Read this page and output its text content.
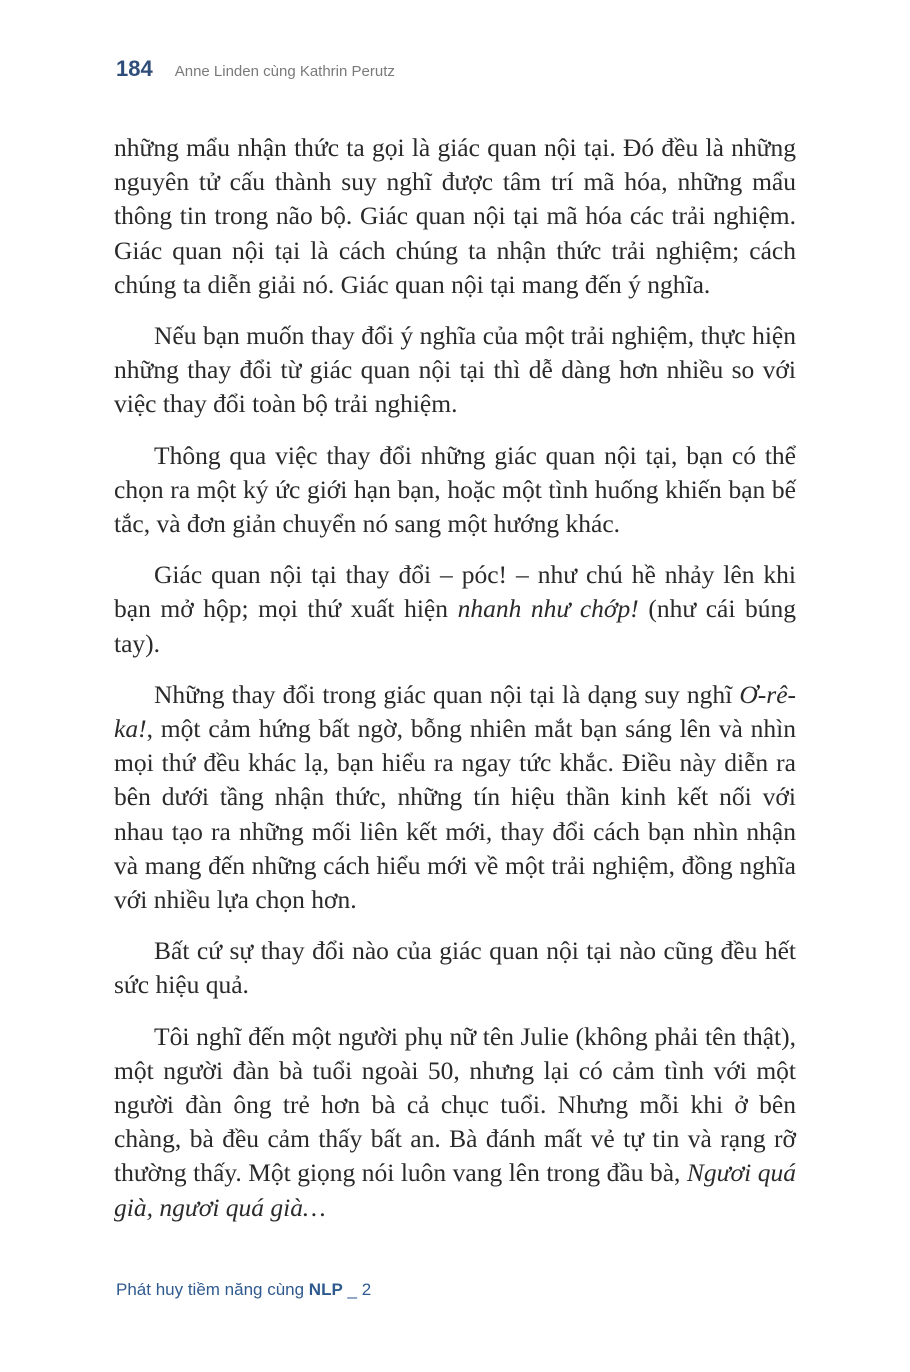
184 Anne Linden cùng Kathrin Perutz

những mẩu nhận thức ta gọi là giác quan nội tại. Đó đều là những nguyên tử cấu thành suy nghĩ được tâm trí mã hóa, những mẩu thông tin trong não bộ. Giác quan nội tại mã hóa các trải nghiệm. Giác quan nội tại là cách chúng ta nhận thức trải nghiệm; cách chúng ta diễn giải nó. Giác quan nội tại mang đến ý nghĩa.

Nếu bạn muốn thay đổi ý nghĩa của một trải nghiệm, thực hiện những thay đổi từ giác quan nội tại thì dễ dàng hơn nhiều so với việc thay đổi toàn bộ trải nghiệm.

Thông qua việc thay đổi những giác quan nội tại, bạn có thể chọn ra một ký ức giới hạn bạn, hoặc một tình huống khiến bạn bế tắc, và đơn giản chuyển nó sang một hướng khác.

Giác quan nội tại thay đổi – póc! – như chú hề nhảy lên khi bạn mở hộp; mọi thứ xuất hiện nhanh như chớp! (như cái búng tay).

Những thay đổi trong giác quan nội tại là dạng suy nghĩ Ơ-rê-ka!, một cảm hứng bất ngờ, bỗng nhiên mắt bạn sáng lên và nhìn mọi thứ đều khác lạ, bạn hiểu ra ngay tức khắc. Điều này diễn ra bên dưới tầng nhận thức, những tín hiệu thần kinh kết nối với nhau tạo ra những mối liên kết mới, thay đổi cách bạn nhìn nhận và mang đến những cách hiểu mới về một trải nghiệm, đồng nghĩa với nhiều lựa chọn hơn.

Bất cứ sự thay đổi nào của giác quan nội tại nào cũng đều hết sức hiệu quả.

Tôi nghĩ đến một người phụ nữ tên Julie (không phải tên thật), một người đàn bà tuổi ngoài 50, nhưng lại có cảm tình với một người đàn ông trẻ hơn bà cả chục tuổi. Nhưng mỗi khi ở bên chàng, bà đều cảm thấy bất an. Bà đánh mất vẻ tự tin và rạng rỡ thường thấy. Một giọng nói luôn vang lên trong đầu bà, Ngươi quá già, ngươi quá già…

Phát huy tiềm năng cùng NLP _ 2
